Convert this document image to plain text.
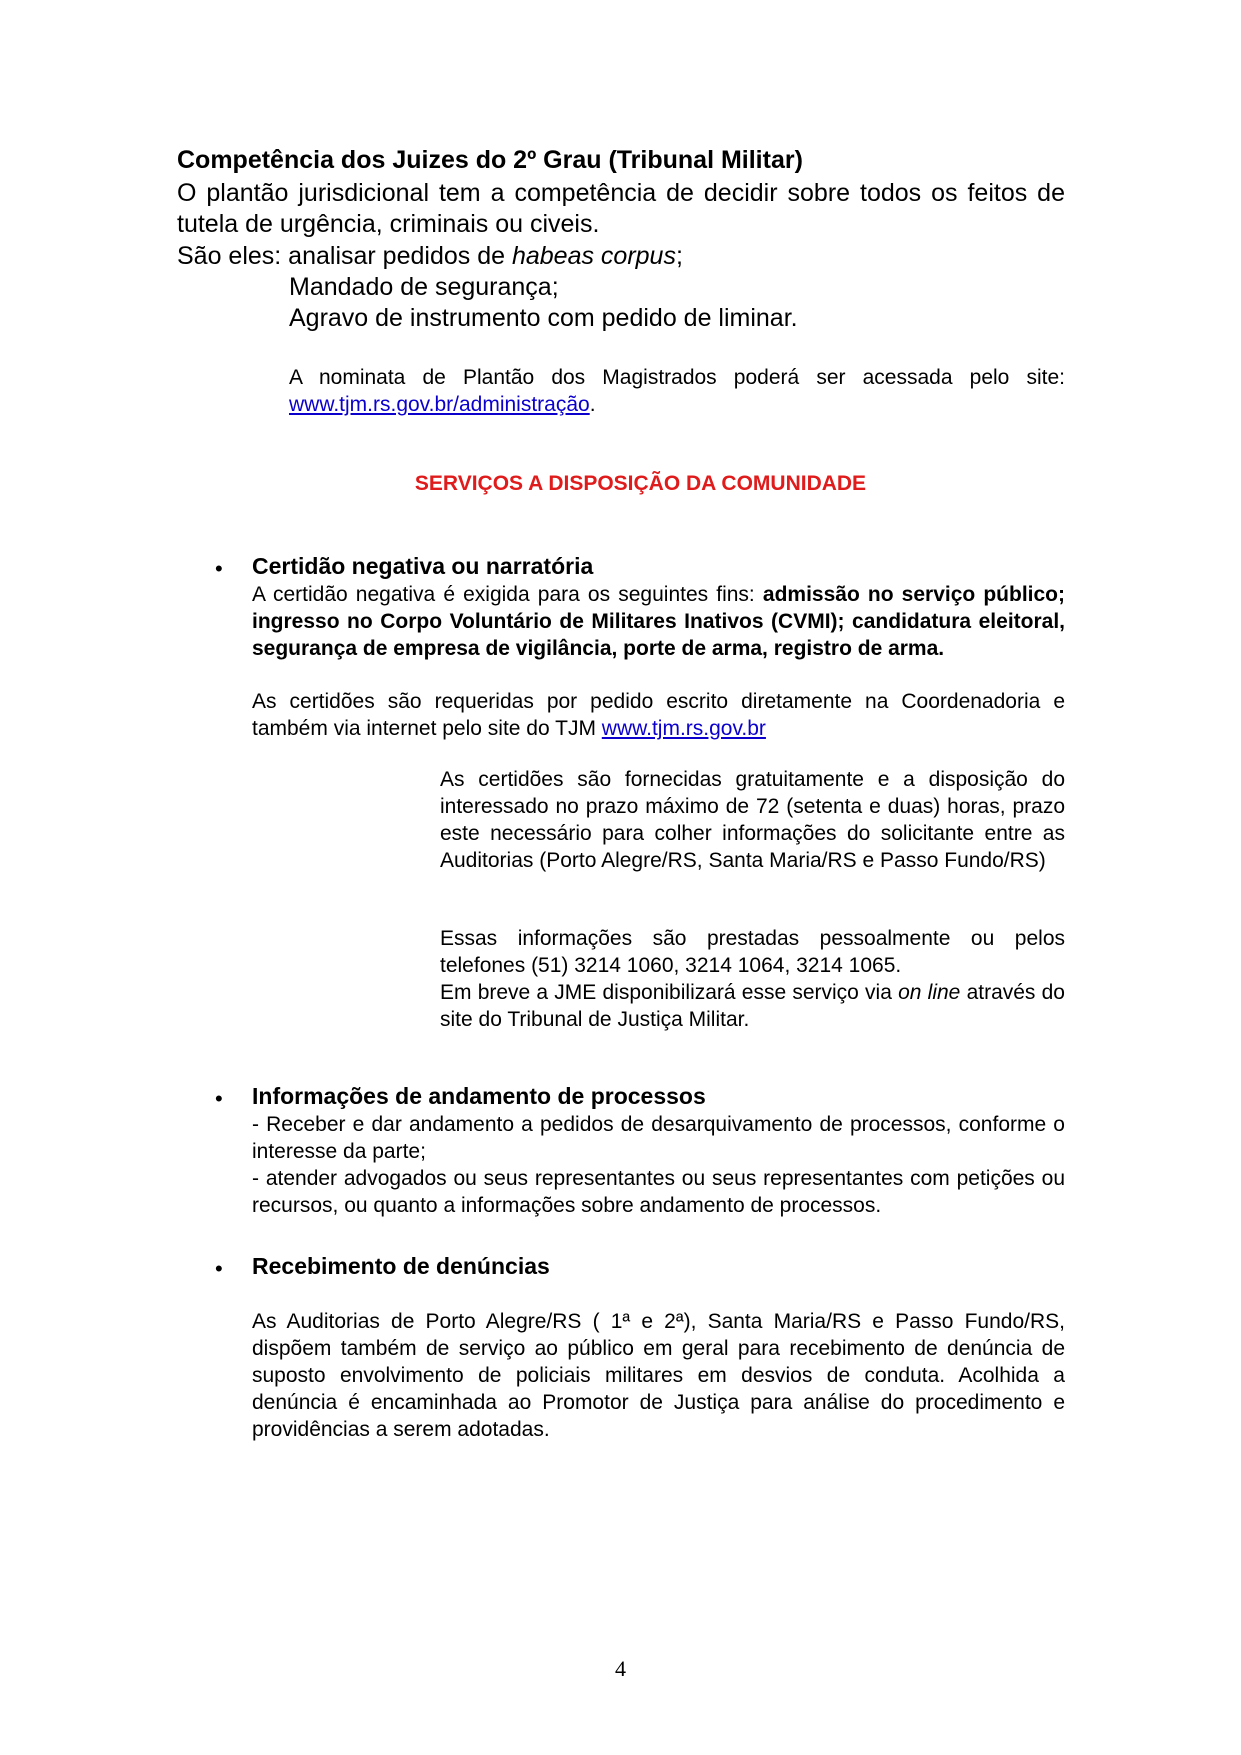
Competência dos Juizes do 2º Grau (Tribunal Militar)
O plantão jurisdicional tem a competência de decidir sobre todos os feitos de tutela de urgência, criminais ou civeis.
São eles: analisar pedidos de habeas corpus;
Mandado de segurança;
Agravo de instrumento com pedido de liminar.
A nominata de Plantão dos Magistrados poderá ser acessada pelo site: www.tjm.rs.gov.br/administração.
SERVIÇOS A DISPOSIÇÃO DA COMUNIDADE
• Certidão negativa ou narratória
A certidão negativa é exigida para os seguintes fins: admissão no serviço público; ingresso no Corpo Voluntário de Militares Inativos (CVMI); candidatura eleitoral, segurança de empresa de vigilância, porte de arma, registro de arma.
As certidões são requeridas por pedido escrito diretamente na Coordenadoria e também via internet pelo site do TJM www.tjm.rs.gov.br
As certidões são fornecidas gratuitamente e a disposição do interessado no prazo máximo de 72 (setenta e duas) horas, prazo este necessário para colher informações do solicitante entre as Auditorias (Porto Alegre/RS, Santa Maria/RS e Passo Fundo/RS)
Essas informações são prestadas pessoalmente ou pelos telefones (51) 3214 1060, 3214 1064, 3214 1065.
Em breve a JME disponibilizará esse serviço via on line através do site do Tribunal de Justiça Militar.
• Informações de andamento de processos
- Receber e dar andamento a pedidos de desarquivamento de processos, conforme o interesse da parte;
- atender advogados ou seus representantes ou seus representantes com petições ou recursos, ou quanto a informações sobre andamento de processos.
• Recebimento de denúncias
As Auditorias de Porto Alegre/RS ( 1ª e 2ª), Santa Maria/RS e Passo Fundo/RS, dispõem também de serviço ao público em geral para recebimento de denúncia de suposto envolvimento de policiais militares em desvios de conduta. Acolhida a denúncia é encaminhada ao Promotor de Justiça para análise do procedimento e providências a serem adotadas.
4
